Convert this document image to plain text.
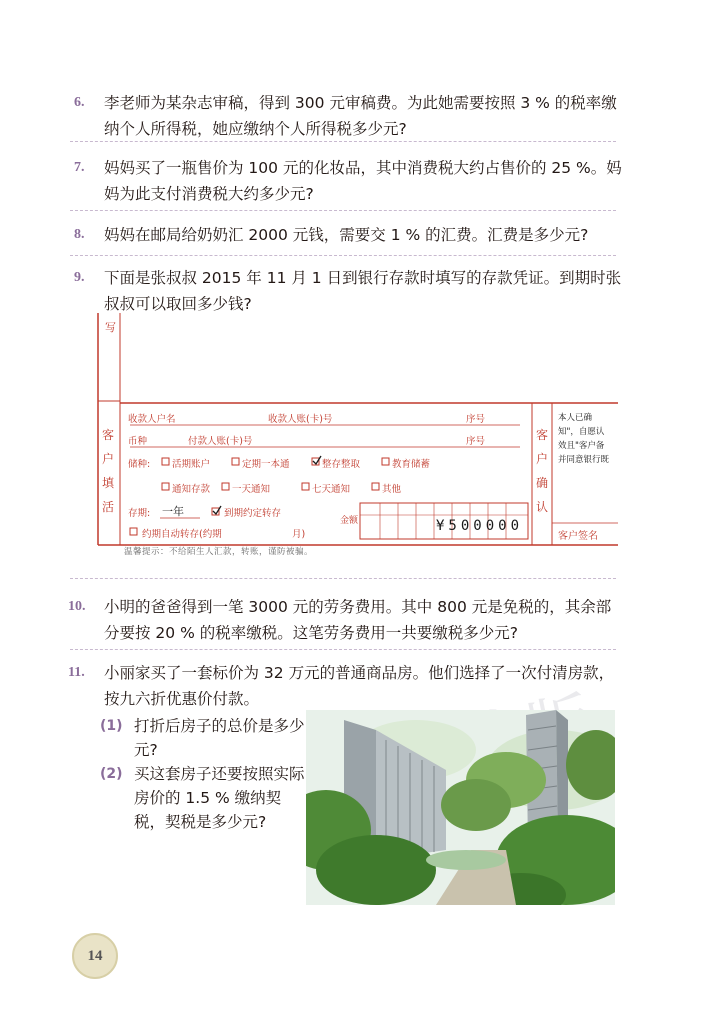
6. 李老师为某杂志审稿，得到 300 元审稿费。为此她需要按照 3 % 的税率缴纳个人所得税，她应缴纳个人所得税多少元?
7. 妈妈买了一瓶售价为 100 元的化妆品，其中消费税大约占售价的 25 %。妈妈为此支付消费税大约多少元?
8. 妈妈在邮局给奶奶汇 2000 元钱，需要交 1 % 的汇费。汇费是多少元?
9. 下面是张叔叔 2015 年 11 月 1 日到银行存款时填写的存款凭证。到期时张叔叔可以取回多少钱?
写
客
户
填
活
客
户
确
认
收款人户名	收款人账(卡)号	序号
币种	付款人账(卡)号	序号
储种: 活期账户	定期一本通	整存整取	教育储蓄
通知存款 一天通知	七天通知	其他
存期: 一年	到期约定转存
约期自动转存(约期	月)
金额	¥500000
本人已确
知"，自愿认
效且"客户备
并同意银行既
客户签名
温馨提示：不给陌生人汇款，转账，谨防被骗。
10. 小明的爸爸得到一笔 3000 元的劳务费用。其中 800 元是免税的，其余部分要按 20 % 的税率缴税。这笔劳务费用一共要缴税多少元?
11. 小丽家买了一套标价为 32 万元的普通商品房。他们选择了一次付清房款，按九六折优惠价付款。
(1) 打折后房子的总价是多少元?
(2) 买这套房子还要按照实际房价的 1.5 % 缴纳契税，契税是多少元?
14
